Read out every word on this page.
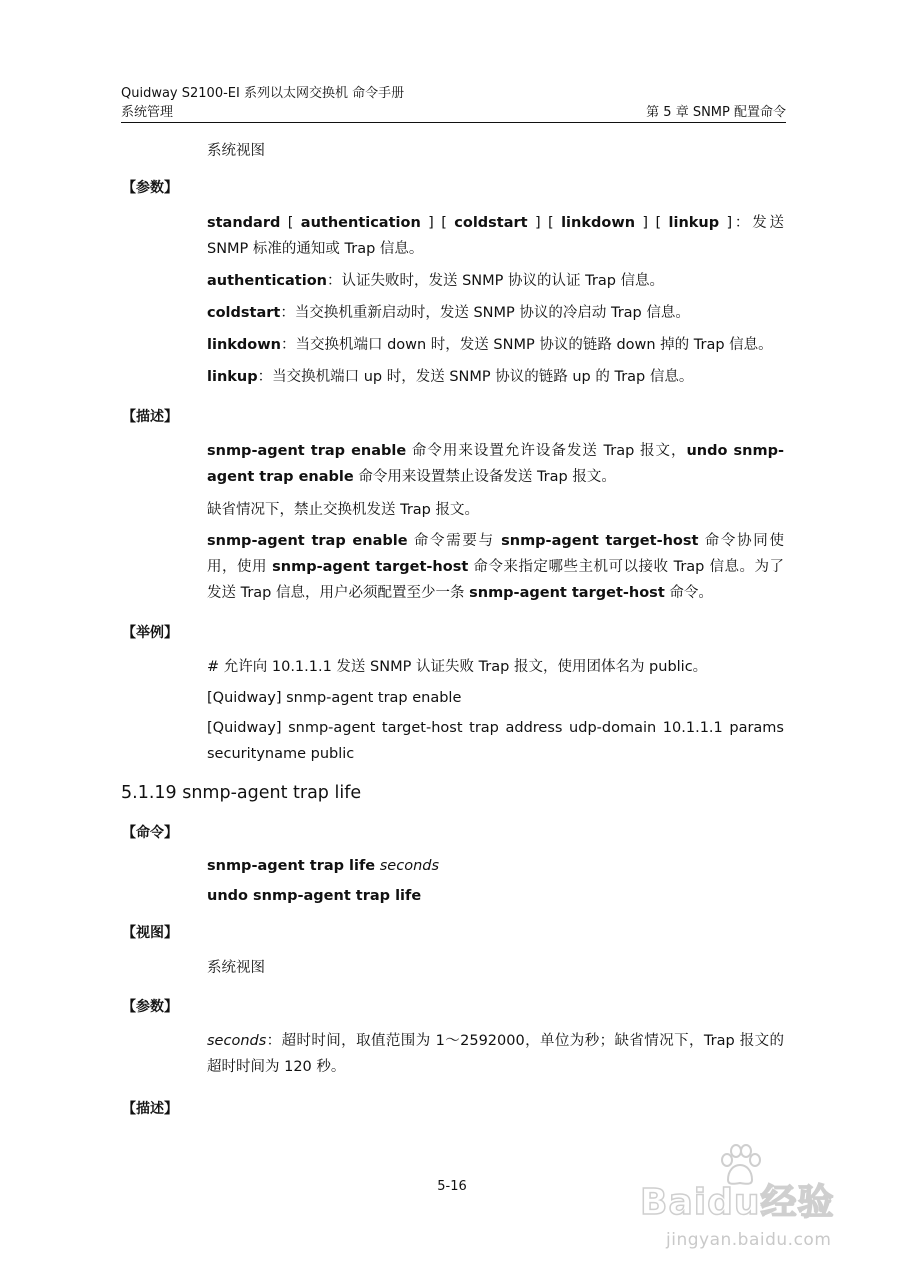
Quidway S2100-EI 系列以太网交换机 命令手册
系统管理	第 5 章 SNMP 配置命令
系统视图
【参数】
standard [ authentication ] [ coldstart ] [ linkdown ] [ linkup ]：发送 SNMP 标准的通知或 Trap 信息。
authentication：认证失败时，发送 SNMP 协议的认证 Trap 信息。
coldstart：当交换机重新启动时，发送 SNMP 协议的冷启动 Trap 信息。
linkdown：当交换机端口 down 时，发送 SNMP 协议的链路 down 掉的 Trap 信息。
linkup：当交换机端口 up 时，发送 SNMP 协议的链路 up 的 Trap 信息。
【描述】
snmp-agent trap enable 命令用来设置允许设备发送 Trap 报文，undo snmp-agent trap enable 命令用来设置禁止设备发送 Trap 报文。
缺省情况下，禁止交换机发送 Trap 报文。
snmp-agent trap enable 命令需要与 snmp-agent target-host 命令协同使用，使用 snmp-agent target-host 命令来指定哪些主机可以接收 Trap 信息。为了发送 Trap 信息，用户必须配置至少一条 snmp-agent target-host 命令。
【举例】
# 允许向 10.1.1.1 发送 SNMP 认证失败 Trap 报文，使用团体名为 public。
[Quidway] snmp-agent trap enable
[Quidway] snmp-agent target-host trap address udp-domain 10.1.1.1 params securityname public
5.1.19 snmp-agent trap life
【命令】
snmp-agent trap life seconds
undo snmp-agent trap life
【视图】
系统视图
【参数】
seconds：超时时间，取值范围为 1～2592000，单位为秒；缺省情况下，Trap 报文的超时时间为 120 秒。
【描述】
5-16	Baidu经验
jingyan.baidu.com
